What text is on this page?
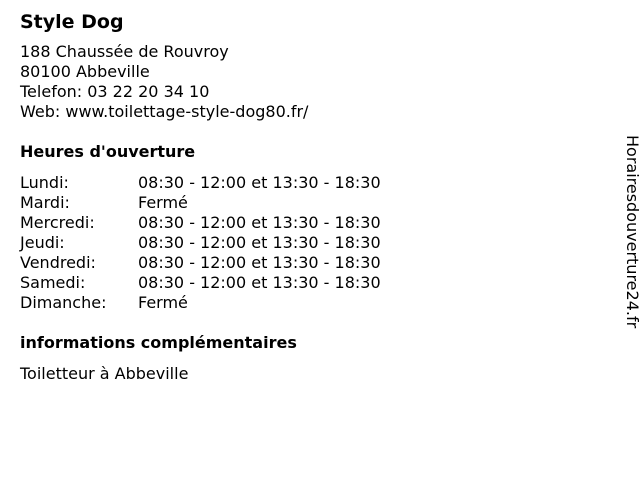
Style Dog
188 Chaussée de Rouvroy
80100 Abbeville
Telefon: 03 22 20 34 10
Web: www.toilettage-style-dog80.fr/
Heures d'ouverture
Lundi:	08:30 - 12:00 et 13:30 - 18:30
Mardi:	Fermé
Mercredi:	08:30 - 12:00 et 13:30 - 18:30
Jeudi:	08:30 - 12:00 et 13:30 - 18:30
Vendredi:	08:30 - 12:00 et 13:30 - 18:30
Samedi:	08:30 - 12:00 et 13:30 - 18:30
Dimanche:	Fermé
informations complémentaires
Toiletteur à Abbeville
Horairesdouverture24.fr
